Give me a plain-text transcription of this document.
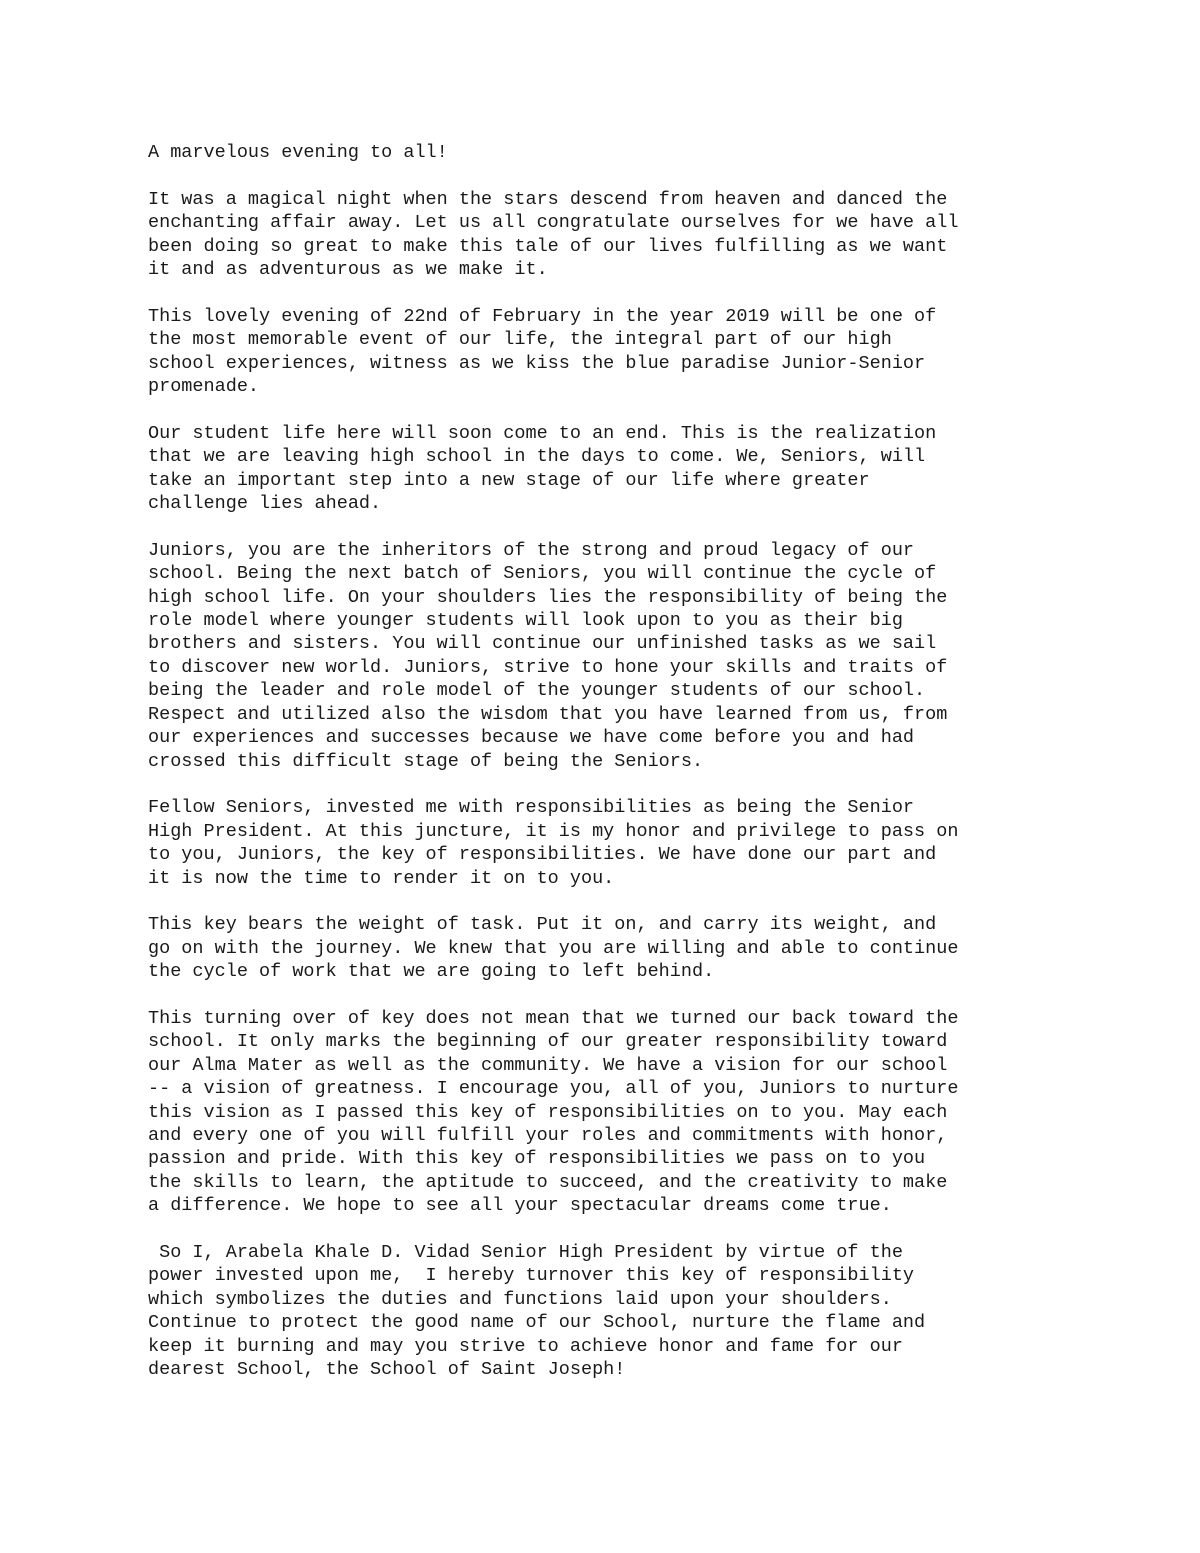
A marvelous evening to all!

It was a magical night when the stars descend from heaven and danced the
enchanting affair away. Let us all congratulate ourselves for we have all
been doing so great to make this tale of our lives fulfilling as we want
it and as adventurous as we make it.

This lovely evening of 22nd of February in the year 2019 will be one of
the most memorable event of our life, the integral part of our high
school experiences, witness as we kiss the blue paradise Junior-Senior
promenade.

Our student life here will soon come to an end. This is the realization
that we are leaving high school in the days to come. We, Seniors, will
take an important step into a new stage of our life where greater
challenge lies ahead.

Juniors, you are the inheritors of the strong and proud legacy of our
school. Being the next batch of Seniors, you will continue the cycle of
high school life. On your shoulders lies the responsibility of being the
role model where younger students will look upon to you as their big
brothers and sisters. You will continue our unfinished tasks as we sail
to discover new world. Juniors, strive to hone your skills and traits of
being the leader and role model of the younger students of our school.
Respect and utilized also the wisdom that you have learned from us, from
our experiences and successes because we have come before you and had
crossed this difficult stage of being the Seniors.

Fellow Seniors, invested me with responsibilities as being the Senior
High President. At this juncture, it is my honor and privilege to pass on
to you, Juniors, the key of responsibilities. We have done our part and
it is now the time to render it on to you.

This key bears the weight of task. Put it on, and carry its weight, and
go on with the journey. We knew that you are willing and able to continue
the cycle of work that we are going to left behind.

This turning over of key does not mean that we turned our back toward the
school. It only marks the beginning of our greater responsibility toward
our Alma Mater as well as the community. We have a vision for our school
-- a vision of greatness. I encourage you, all of you, Juniors to nurture
this vision as I passed this key of responsibilities on to you. May each
and every one of you will fulfill your roles and commitments with honor,
passion and pride. With this key of responsibilities we pass on to you
the skills to learn, the aptitude to succeed, and the creativity to make
a difference. We hope to see all your spectacular dreams come true.

So I, Arabela Khale D. Vidad Senior High President by virtue of the
power invested upon me,  I hereby turnover this key of responsibility
which symbolizes the duties and functions laid upon your shoulders.
Continue to protect the good name of our School, nurture the flame and
keep it burning and may you strive to achieve honor and fame for our
dearest School, the School of Saint Joseph!
